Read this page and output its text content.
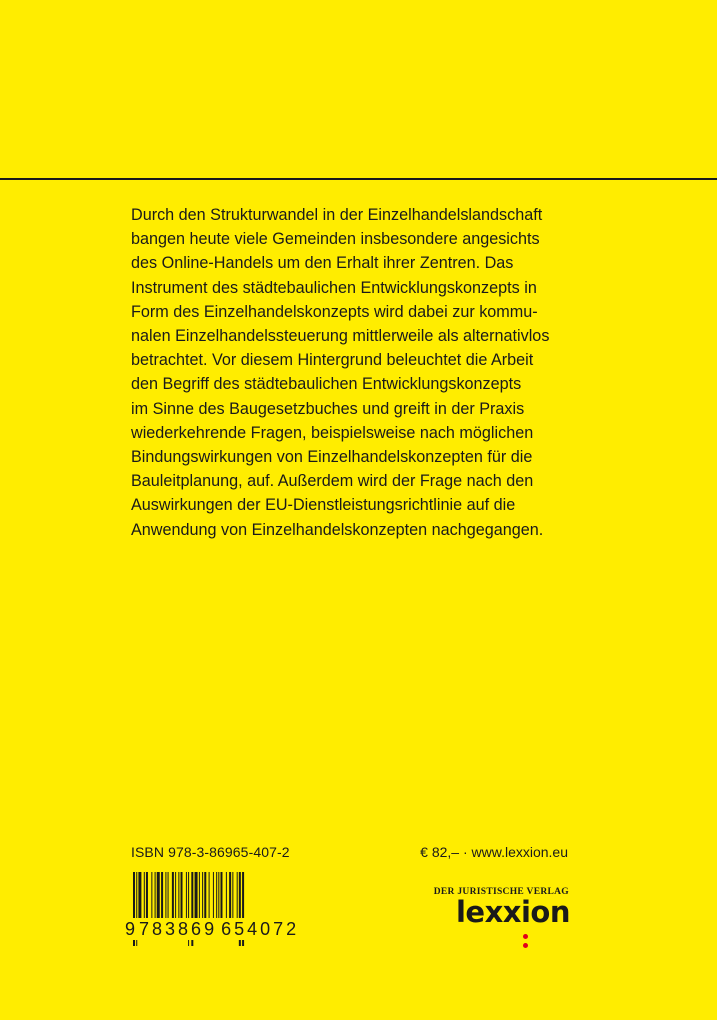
Durch den Strukturwandel in der Einzelhandelslandschaft
bangen heute viele Gemeinden insbesondere angesichts
des Online-Handels um den Erhalt ihrer Zentren. Das
Instrument des städtebaulichen Entwicklungskonzepts in
Form des Einzelhandelskonzepts wird dabei zur kommu-
nalen Einzelhandelssteuerung mittlerweile als alternativlos
betrachtet. Vor diesem Hintergrund beleuchtet die Arbeit
den Begriff des städtebaulichen Entwicklungskonzepts
im Sinne des Baugesetzbuches und greift in der Praxis
wiederkehrende Fragen, beispielsweise nach möglichen
Bindungswirkungen von Einzelhandelskonzepten für die
Bauleitplanung, auf. Außerdem wird der Frage nach den
Auswirkungen der EU-Dienstleistungsrichtlinie auf die
Anwendung von Einzelhandelskonzepten nachgegangen.
ISBN 978-3-86965-407-2	€ 82,– · www.lexxion.eu
9 783869 654072
DER JURISTISCHE VERLAG
lexxion
